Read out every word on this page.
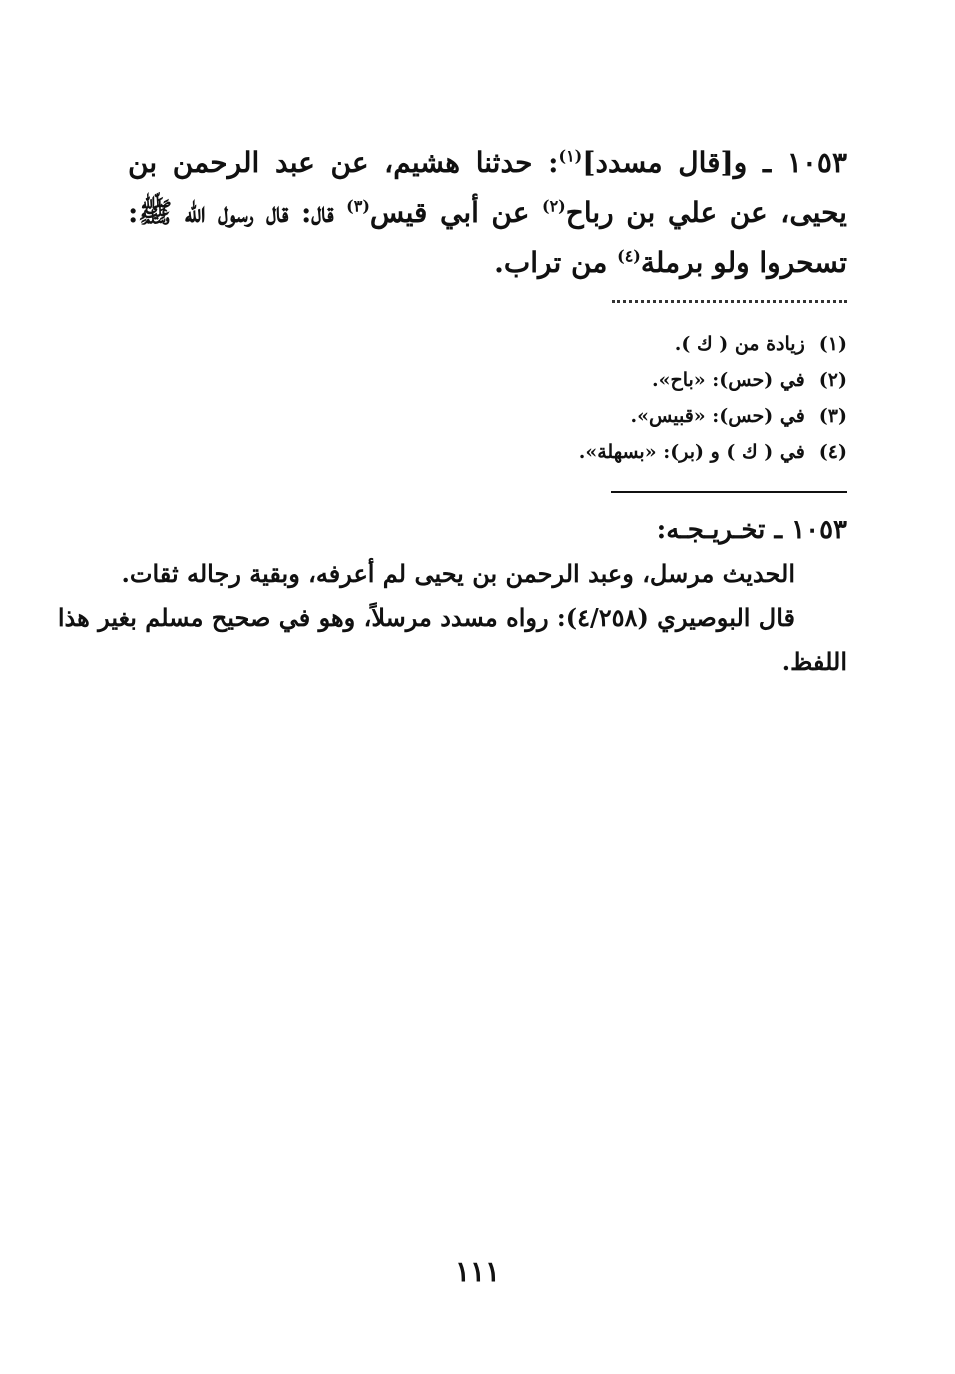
١٠٥٣ ـ و[قال مسدد]$^{(١)}$: حدثنا هشيم، عن عبد الرحمن بن
يحيى، عن علي بن رباح$^{(٢)}$ عن أبي قيس$^{(٣)}$ قال: قال رسول الله ﷺ:
تسحروا ولو برملة$^{(٤)}$ من تراب.
(١)زيادة من ( ك ).
(٢)في (حس): «باح».
(٣)في (حس): «قبيس».
(٤)في ( ك ) و (بر): «بسهلة».
١٠٥٣ ـ تخـريـجـه:
الحديث مرسل، وعبد الرحمن بن يحيى لم أعرفه، وبقية رجاله ثقات.
قال البوصيري (٤/٢٥٨): رواه مسدد مرسلاً، وهو في صحيح مسلم بغير هذا
اللفظ.
١١١
